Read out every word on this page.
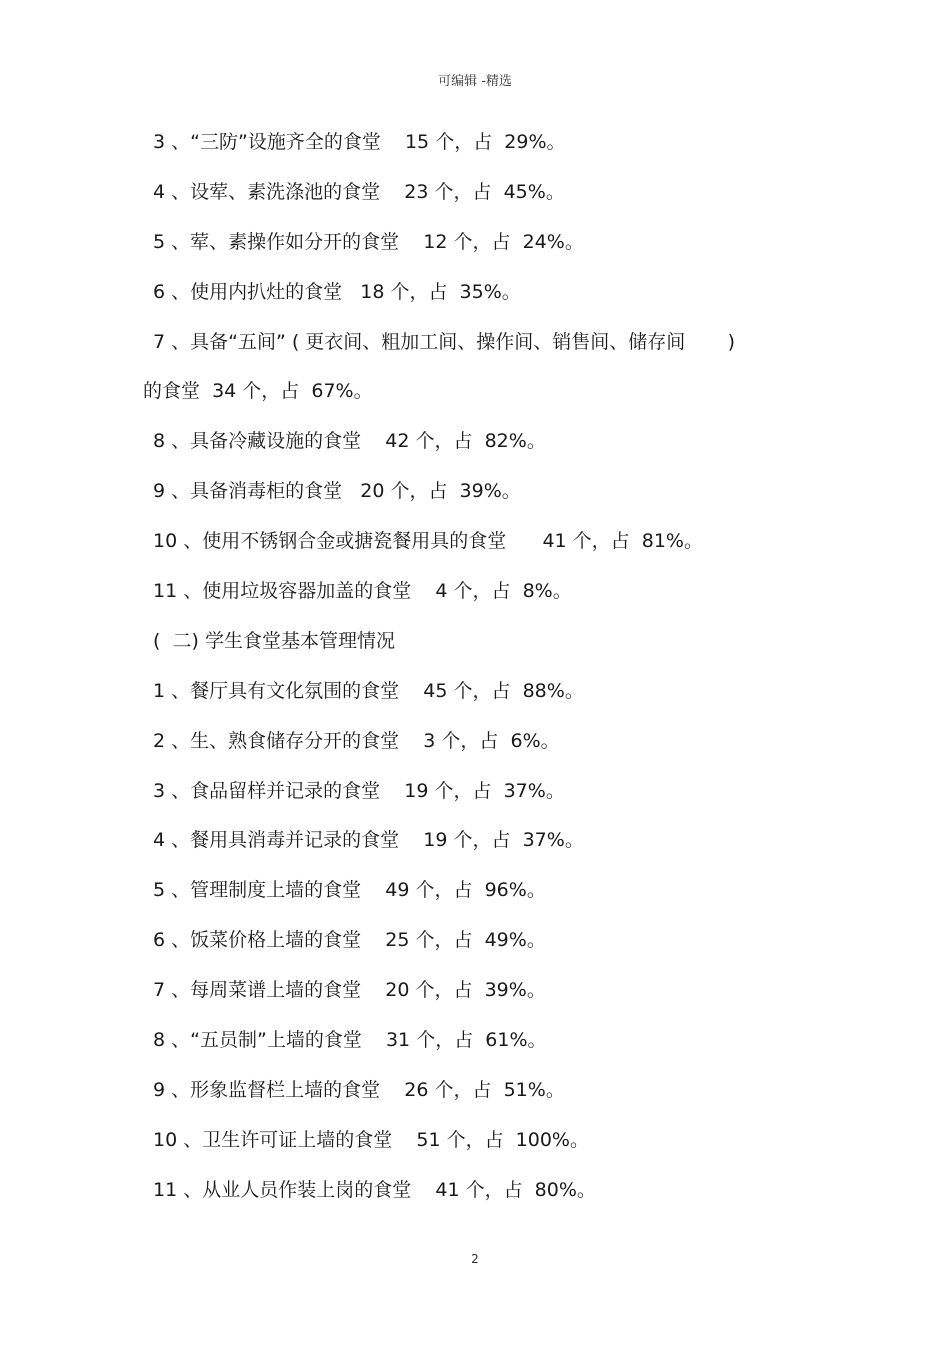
可编辑 -精选
3 、“三防”设施齐全的食堂    15 个，占  29%。
4 、设荤、素洗涤池的食堂    23 个，占  45%。
5 、荤、素操作如分开的食堂    12 个，占  24%。
6 、使用内扒灶的食堂   18 个，占  35%。
7 、具备“五间” ( 更衣间、粗加工间、操作间、销售间、储存间       )
的食堂  34 个，占  67%。
8 、具备冷藏设施的食堂    42 个，占  82%。
9 、具备消毒柜的食堂   20 个，占  39%。
10 、使用不锈钢合金或搪瓷餐用具的食堂      41 个，占  81%。
11 、使用垃圾容器加盖的食堂    4 个，占  8%。
(  二) 学生食堂基本管理情况
1 、餐厅具有文化氛围的食堂    45 个，占  88%。
2 、生、熟食储存分开的食堂    3 个，占  6%。
3 、食品留样并记录的食堂    19 个，占  37%。
4 、餐用具消毒并记录的食堂    19 个，占  37%。
5 、管理制度上墙的食堂    49 个，占  96%。
6 、饭菜价格上墙的食堂    25 个，占  49%。
7 、每周菜谱上墙的食堂    20 个，占  39%。
8 、“五员制”上墙的食堂    31 个，占  61%。
9 、形象监督栏上墙的食堂    26 个，占  51%。
10 、卫生许可证上墙的食堂    51 个，占  100%。
11 、从业人员作装上岗的食堂    41 个，占  80%。
2
